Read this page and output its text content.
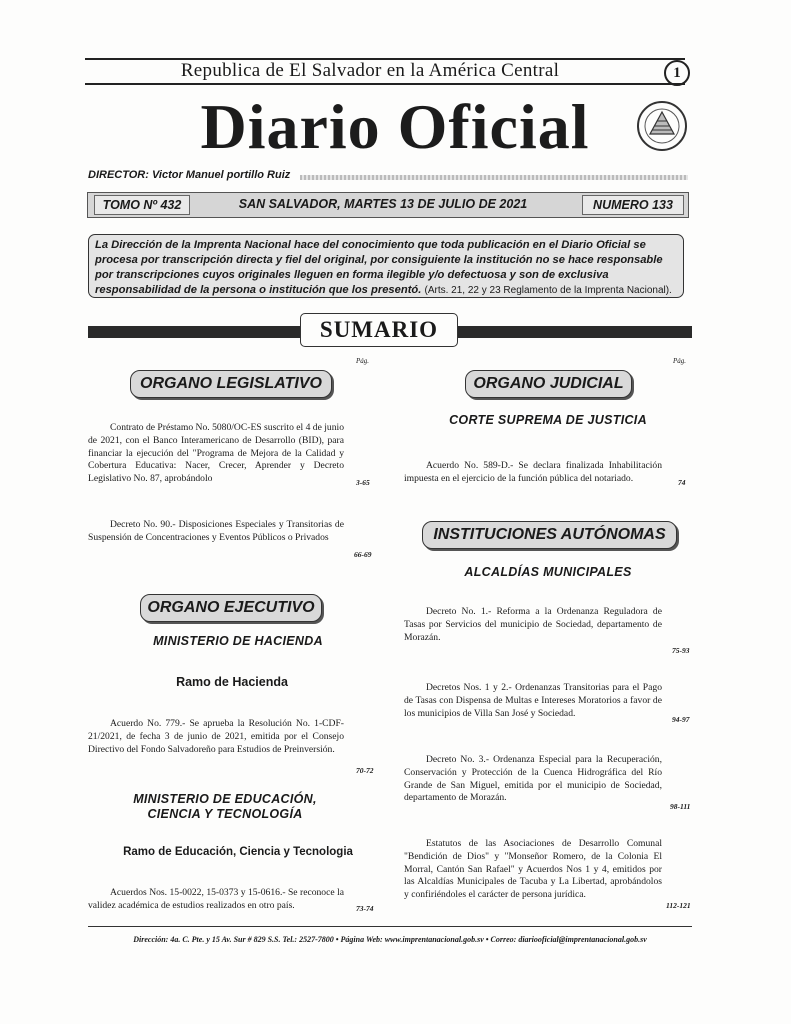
Republica de El Salvador en la América Central	1
Diario Oficial
DIRECTOR: Victor Manuel portillo Ruiz
TOMO Nº 432	SAN SALVADOR, MARTES 13 DE JULIO DE 2021	NUMERO 133
La Dirección de la Imprenta Nacional hace del conocimiento que toda publicación en el Diario Oficial se procesa por transcripción directa y fiel del original, por consiguiente la institución no se hace responsable por transcripciones cuyos originales lleguen en forma ilegible y/o defectuosa y son de exclusiva responsabilidad de la persona o institución que los presentó. (Arts. 21, 22 y 23 Reglamento de la Imprenta Nacional).
SUMARIO
Pág.
ORGANO LEGISLATIVO
Contrato de Préstamo No. 5080/OC-ES suscrito el 4 de junio de 2021, con el Banco Interamericano de Desarrollo (BID), para financiar la ejecución del "Programa de Mejora de la Calidad y Cobertura Educativa: Nacer, Crecer, Aprender y Decreto Legislativo No. 87, aprobándolo	3-65
Decreto No. 90.- Disposiciones Especiales y Transitorias de Suspensión de Concentraciones y Eventos Públicos o Privados
66-69
ORGANO EJECUTIVO
MINISTERIO DE HACIENDA
Ramo de Hacienda
Acuerdo No. 779.- Se aprueba la Resolución No. 1-CDF-21/2021, de fecha 3 de junio de 2021, emitida por el Consejo Directivo del Fondo Salvadoreño para Estudios de Preinversión.
70-72
MINISTERIO DE EDUCACIÓN, CIENCIA Y TECNOLOGÍA
Ramo de Educación, Ciencia y Tecnologia
Acuerdos Nos. 15-0022, 15-0373 y 15-0616.- Se reconoce la validez académica de estudios realizados en otro país.	73-74
Pág.
ORGANO JUDICIAL
CORTE SUPREMA DE JUSTICIA
Acuerdo No. 589-D.- Se declara finalizada Inhabilitación impuesta en el ejercicio de la función pública del notariado.	74
INSTITUCIONES AUTÓNOMAS
ALCALDÍAS MUNICIPALES
Decreto No. 1.- Reforma a la Ordenanza Reguladora de Tasas por Servicios del municipio de Sociedad, departamento de Morazán.
75-93
Decretos Nos. 1 y 2.- Ordenanzas Transitorias para el Pago de Tasas con Dispensa de Multas e Intereses Moratorios a favor de los municipios de Villa San José y Sociedad.
94-97
Decreto No. 3.- Ordenanza Especial para la Recuperación, Conservación y Protección de la Cuenca Hidrográfica del Río Grande de San Miguel, emitida por el municipio de Sociedad, departamento de Morazán.
98-111
Estatutos de las Asociaciones de Desarrollo Comunal "Bendición de Dios" y "Monseñor Romero, de la Colonia El Morral, Cantón San Rafael" y Acuerdos Nos 1 y 4, emitidos por las Alcaldías Municipales de Tacuba y La Libertad, aprobándolos y confiriéndoles el carácter de persona jurídica.
112-121
Dirección: 4a. C. Pte. y 15 Av. Sur # 829 S.S. Tel.: 2527-7800 • Página Web: www.imprentanacional.gob.sv • Correo: diariooficial@imprentanacional.gob.sv
